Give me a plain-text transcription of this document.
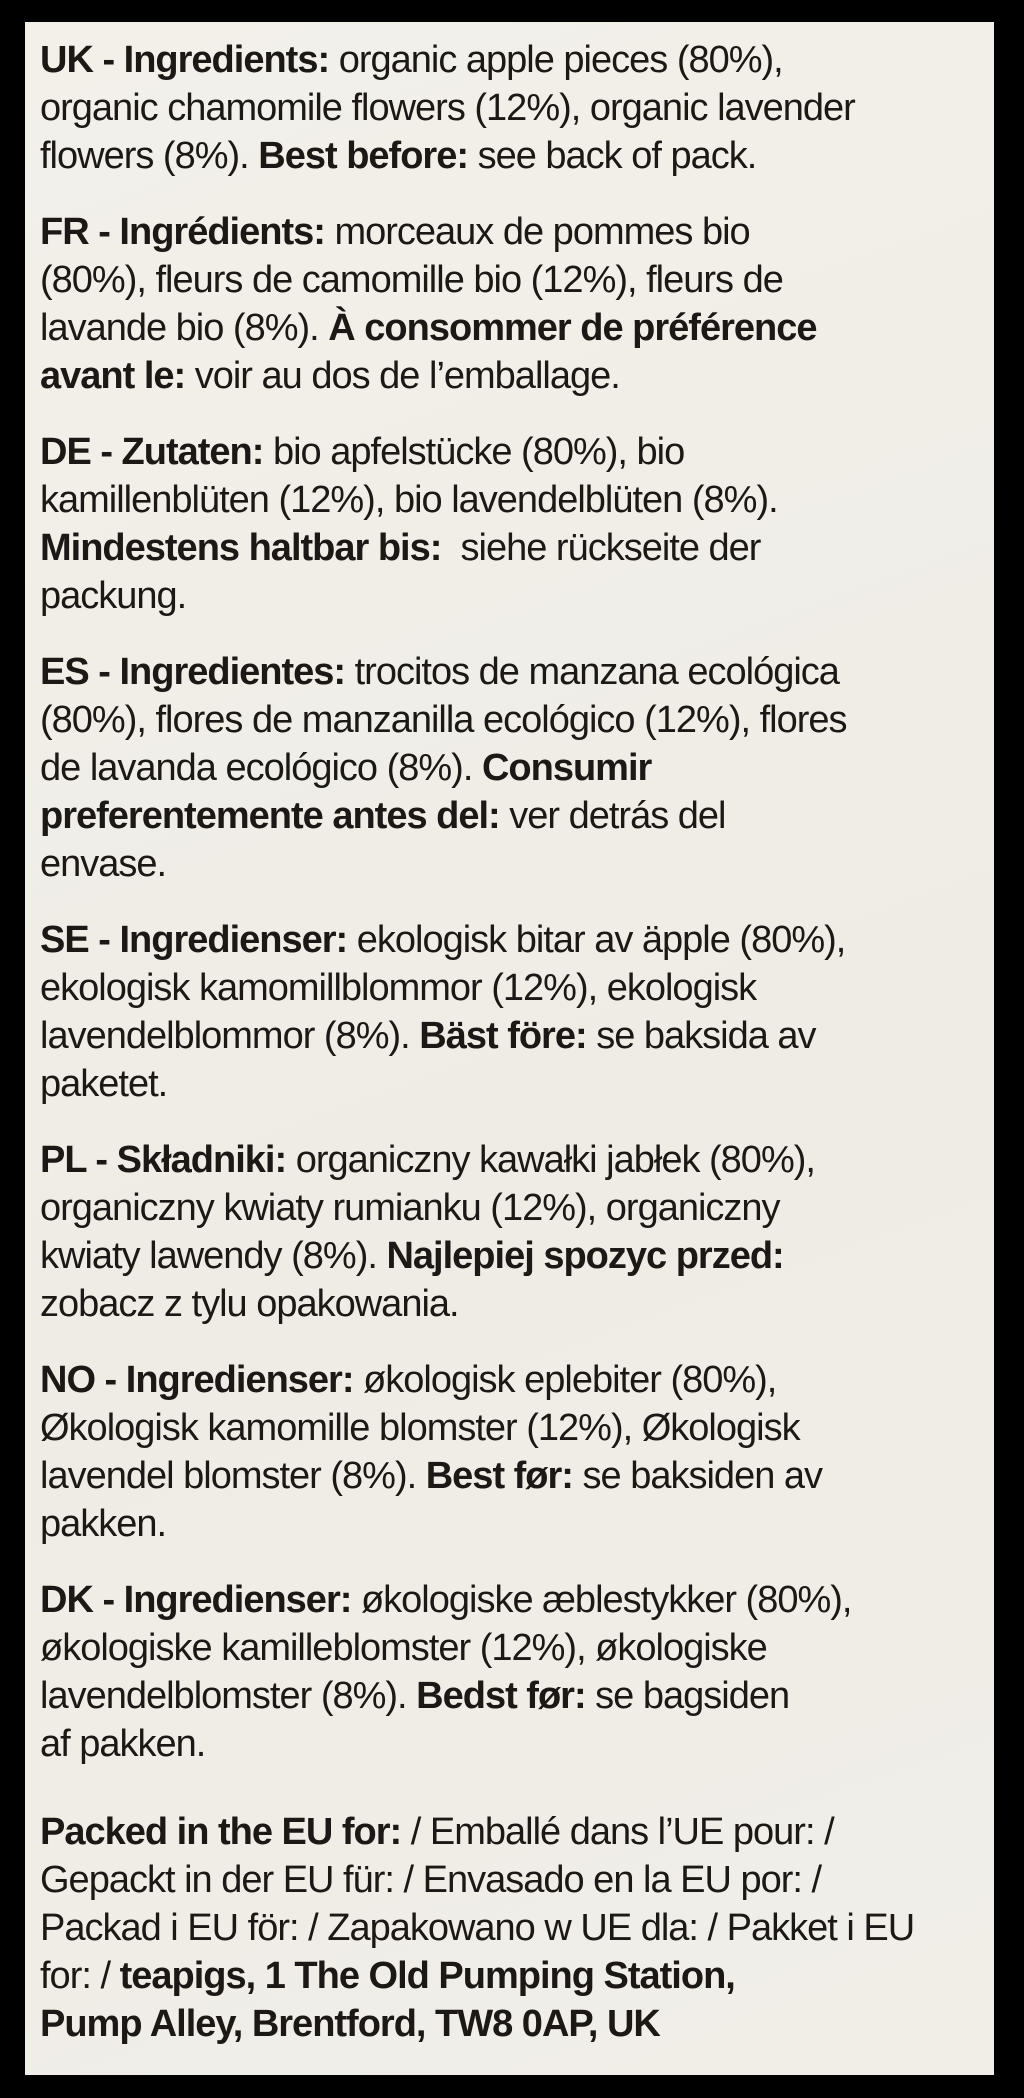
UK - Ingredients: organic apple pieces (80%),
organic chamomile flowers (12%), organic lavender
flowers (8%). Best before: see back of pack.
FR - Ingrédients: morceaux de pommes bio
(80%), fleurs de camomille bio (12%), fleurs de
lavande bio (8%). À consommer de préférence
avant le: voir au dos de l’emballage.
DE - Zutaten: bio apfelstücke (80%), bio
kamillenblüten (12%), bio lavendelblüten (8%).
Mindestens haltbar bis:  siehe rückseite der
packung.
ES - Ingredientes: trocitos de manzana ecológica
(80%), flores de manzanilla ecológico (12%), flores
de lavanda ecológico (8%). Consumir
preferentemente antes del: ver detrás del
envase.
SE - Ingredienser: ekologisk bitar av äpple (80%),
ekologisk kamomillblommor (12%), ekologisk
lavendelblommor (8%). Bäst före: se baksida av
paketet.
PL - Składniki: organiczny kawałki jabłek (80%),
organiczny kwiaty rumianku (12%), organiczny
kwiaty lawendy (8%). Najlepiej spozyc przed:
zobacz z tylu opakowania.
NO - Ingredienser: økologisk eplebiter (80%),
Økologisk kamomille blomster (12%), Økologisk
lavendel blomster (8%). Best før: se baksiden av
pakken.
DK - Ingredienser: økologiske æblestykker (80%),
økologiske kamilleblomster (12%), økologiske
lavendelblomster (8%). Bedst før: se bagsiden
af pakken.
Packed in the EU for: / Emballé dans l’UE pour: /
Gepackt in der EU für: / Envasado en la EU por: /
Packad i EU för: / Zapakowano w UE dla: / Pakket i EU
for: / teapigs, 1 The Old Pumping Station,
Pump Alley, Brentford, TW8 0AP, UK
